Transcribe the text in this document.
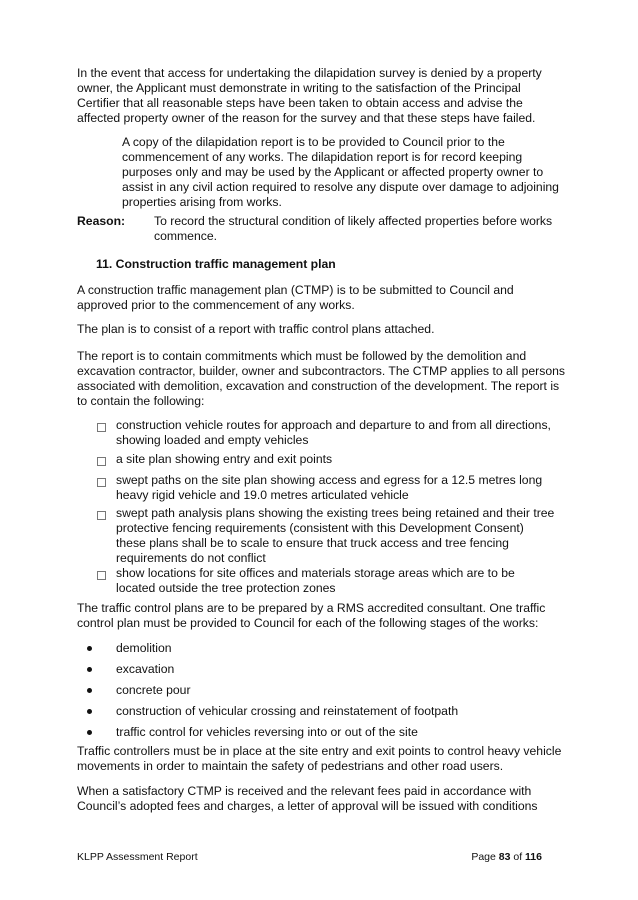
In the event that access for undertaking the dilapidation survey is denied by a property owner, the Applicant must demonstrate in writing to the satisfaction of the Principal Certifier that all reasonable steps have been taken to obtain access and advise the affected property owner of the reason for the survey and that these steps have failed.

A copy of the dilapidation report is to be provided to Council prior to the commencement of any works. The dilapidation report is for record keeping purposes only and may be used by the Applicant or affected property owner to assist in any civil action required to resolve any dispute over damage to adjoining properties arising from works.

Reason: To record the structural condition of likely affected properties before works commence.

11. Construction traffic management plan

A construction traffic management plan (CTMP) is to be submitted to Council and approved prior to the commencement of any works.

The plan is to consist of a report with traffic control plans attached.

The report is to contain commitments which must be followed by the demolition and excavation contractor, builder, owner and subcontractors. The CTMP applies to all persons associated with demolition, excavation and construction of the development. The report is to contain the following:

construction vehicle routes for approach and departure to and from all directions, showing loaded and empty vehicles

a site plan showing entry and exit points

swept paths on the site plan showing access and egress for a 12.5 metres long heavy rigid vehicle and 19.0 metres articulated vehicle

swept path analysis plans showing the existing trees being retained and their tree protective fencing requirements (consistent with this Development Consent) these plans shall be to scale to ensure that truck access and tree fencing requirements do not conflict

show locations for site offices and materials storage areas which are to be located outside the tree protection zones

The traffic control plans are to be prepared by a RMS accredited consultant. One traffic control plan must be provided to Council for each of the following stages of the works:

demolition

excavation

concrete pour

construction of vehicular crossing and reinstatement of footpath

traffic control for vehicles reversing into or out of the site

Traffic controllers must be in place at the site entry and exit points to control heavy vehicle movements in order to maintain the safety of pedestrians and other road users.

When a satisfactory CTMP is received and the relevant fees paid in accordance with Council’s adopted fees and charges, a letter of approval will be issued with conditions

KLPP Assessment Report	Page 83 of 116
